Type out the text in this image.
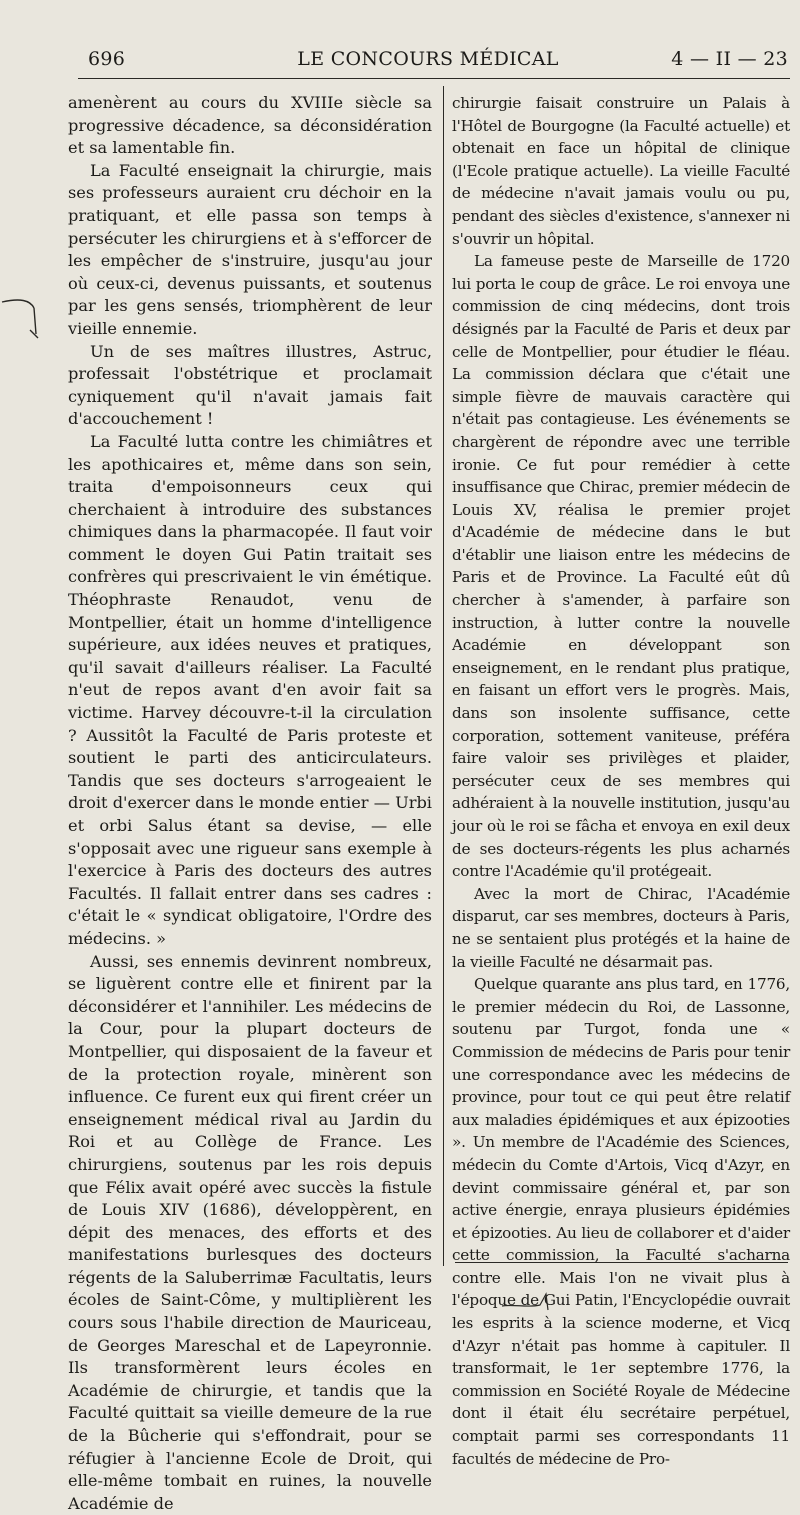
696	LE CONCOURS MÉDICAL	4 — II — 23

amenèrent au cours du XVIIIe siècle sa progressive décadence, sa déconsidération et sa lamentable fin.

La Faculté enseignait la chirurgie, mais ses professeurs auraient cru déchoir en la pratiquant, et elle passa son temps à persécuter les chirurgiens et à s'efforcer de les empêcher de s'instruire, jusqu'au jour où ceux-ci, devenus puissants, et soutenus par les gens sensés, triomphèrent de leur vieille ennemie.

Un de ses maîtres illustres, Astruc, professait l'obstétrique et proclamait cyniquement qu'il n'avait jamais fait d'accouchement !

La Faculté lutta contre les chimiâtres et les apothicaires et, même dans son sein, traita d'empoisonneurs ceux qui cherchaient à introduire des substances chimiques dans la pharmacopée. Il faut voir comment le doyen Gui Patin traitait ses confrères qui prescrivaient le vin émétique. Théophraste Renaudot, venu de Montpellier, était un homme d'intelligence supérieure, aux idées neuves et pratiques, qu'il savait d'ailleurs réaliser. La Faculté n'eut de repos avant d'en avoir fait sa victime. Harvey découvre-t-il la circulation ? Aussitôt la Faculté de Paris proteste et soutient le parti des anticirculateurs. Tandis que ses docteurs s'arrogeaient le droit d'exercer dans le monde entier — Urbi et orbi Salus étant sa devise, — elle s'opposait avec une rigueur sans exemple à l'exercice à Paris des docteurs des autres Facultés. Il fallait entrer dans ses cadres : c'était le « syndicat obligatoire, l'Ordre des médecins. »

Aussi, ses ennemis devinrent nombreux, se liguèrent contre elle et finirent par la déconsidérer et l'annihiler. Les médecins de la Cour, pour la plupart docteurs de Montpellier, qui disposaient de la faveur et de la protection royale, minèrent son influence. Ce furent eux qui firent créer un enseignement médical rival au Jardin du Roi et au Collège de France. Les chirurgiens, soutenus par les rois depuis que Félix avait opéré avec succès la fistule de Louis XIV (1686), développèrent, en dépit des menaces, des efforts et des manifestations burlesques des docteurs régents de la Saluberrimæ Facultatis, leurs écoles de Saint-Côme, y multiplièrent les cours sous l'habile direction de Mauriceau, de Georges Mareschal et de Lapeyronnie. Ils transformèrent leurs écoles en Académie de chirurgie, et tandis que la Faculté quittait sa vieille demeure de la rue de la Bûcherie qui s'effondrait, pour se réfugier à l'ancienne Ecole de Droit, qui elle-même tombait en ruines, la nouvelle Académie de

chirurgie faisait construire un Palais à l'Hôtel de Bourgogne (la Faculté actuelle) et obtenait en face un hôpital de clinique (l'Ecole pratique actuelle). La vieille Faculté de médecine n'avait jamais voulu ou pu, pendant des siècles d'existence, s'annexer ni s'ouvrir un hôpital.

La fameuse peste de Marseille de 1720 lui porta le coup de grâce. Le roi envoya une commission de cinq médecins, dont trois désignés par la Faculté de Paris et deux par celle de Montpellier, pour étudier le fléau. La commission déclara que c'était une simple fièvre de mauvais caractère qui n'était pas contagieuse. Les événements se chargèrent de répondre avec une terrible ironie. Ce fut pour remédier à cette insuffisance que Chirac, premier médecin de Louis XV, réalisa le premier projet d'Académie de médecine dans le but d'établir une liaison entre les médecins de Paris et de Province. La Faculté eût dû chercher à s'amender, à parfaire son instruction, à lutter contre la nouvelle Académie en développant son enseignement, en le rendant plus pratique, en faisant un effort vers le progrès. Mais, dans son insolente suffisance, cette corporation, sottement vaniteuse, préféra faire valoir ses privilèges et plaider, persécuter ceux de ses membres qui adhéraient à la nouvelle institution, jusqu'au jour où le roi se fâcha et envoya en exil deux de ses docteurs-régents les plus acharnés contre l'Académie qu'il protégeait.

Avec la mort de Chirac, l'Académie disparut, car ses membres, docteurs à Paris, ne se sentaient plus protégés et la haine de la vieille Faculté ne désarmait pas.

Quelque quarante ans plus tard, en 1776, le premier médecin du Roi, de Lassonne, soutenu par Turgot, fonda une « Commission de médecins de Paris pour tenir une correspondance avec les médecins de province, pour tout ce qui peut être relatif aux maladies épidémiques et aux épizooties ». Un membre de l'Académie des Sciences, médecin du Comte d'Artois, Vicq d'Azyr, en devint commissaire général et, par son active énergie, enraya plusieurs épidémies et épizooties. Au lieu de collaborer et d'aider cette commission, la Faculté s'acharna contre elle. Mais l'on ne vivait plus à l'époque de Gui Patin, l'Encyclopédie ouvrait les esprits à la science moderne, et Vicq d'Azyr n'était pas homme à capituler. Il transformait, le 1er septembre 1776, la commission en Société Royale de Médecine dont il était élu secrétaire perpétuel, comptait parmi ses correspondants 11 facultés de médecine de Pro-
